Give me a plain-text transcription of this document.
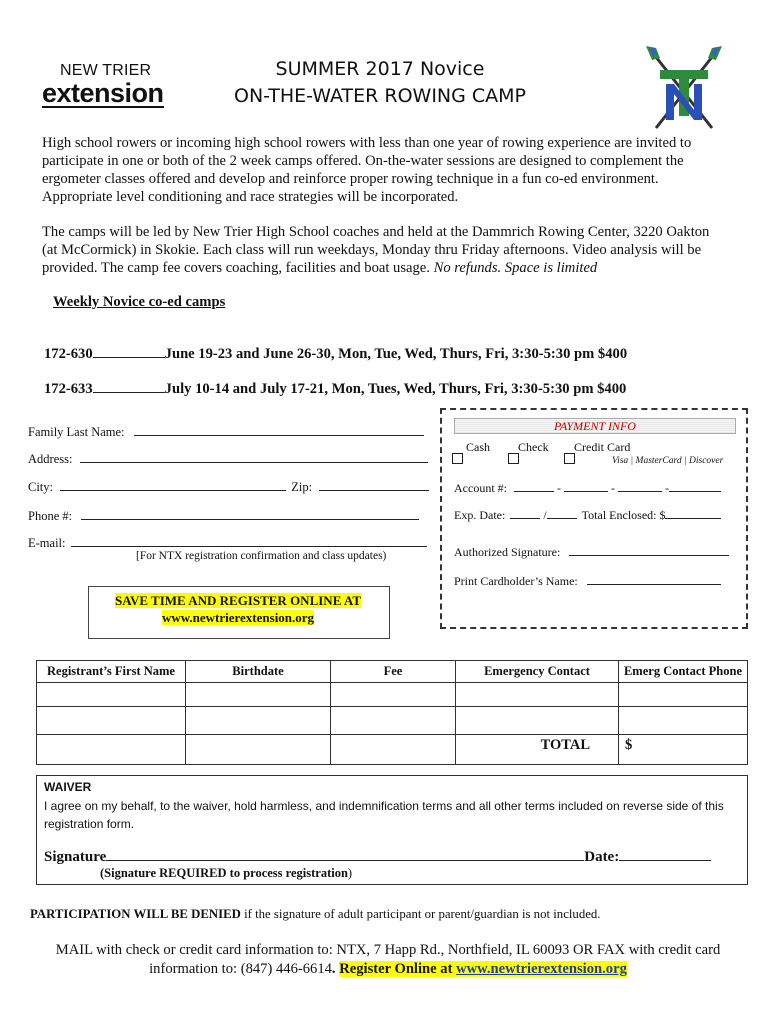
NEW TRIER
extension
SUMMER 2017 Novice
ON-THE-WATER ROWING CAMP
High school rowers or incoming high school rowers with less than one year of rowing experience are invited to participate in one or both of the 2 week camps offered. On-the-water sessions are designed to complement the ergometer classes offered and develop and reinforce proper rowing technique in a fun co-ed environment. Appropriate level conditioning and race strategies will be incorporated.
The camps will be led by New Trier High School coaches and held at the Dammrich Rowing Center, 3220 Oakton (at McCormick) in Skokie. Each class will run weekdays, Monday thru Friday afternoons. Video analysis will be provided. The camp fee covers coaching, facilities and boat usage. No refunds. Space is limited
Weekly Novice co-ed camps
172-630	June 19-23 and June 26-30, Mon, Tue, Wed, Thurs, Fri, 3:30-5:30 pm $400
172-633	July 10-14 and July 17-21, Mon, Tues, Wed, Thurs, Fri, 3:30-5:30 pm $400
Family Last Name:
Address:
City:	Zip:
Phone #:
E-mail:
[For NTX registration confirmation and class updates)
PAYMENT INFO
Cash Check Credit Card
Visa | MasterCard | Discover
Account #:	-	-	-
Exp. Date:	/	Total Enclosed: $
Authorized Signature:
Print Cardholder’s Name:
SAVE TIME AND REGISTER ONLINE AT
www.newtrierextension.org
Registrant’s First Name	Birthdate	Fee	Emergency Contact	Emerg Contact Phone

			TOTAL	$
WAIVER
I agree on my behalf, to the waiver, hold harmless, and indemnification terms and all other terms included on reverse side of this registration form.
Signature	Date:
(Signature REQUIRED to process registration)
PARTICIPATION WILL BE DENIED if the signature of adult participant or parent/guardian is not included.
MAIL with check or credit card information to: NTX, 7 Happ Rd., Northfield, IL 60093 OR FAX with credit card
information to: (847) 446-6614. Register Online at www.newtrierextension.org
